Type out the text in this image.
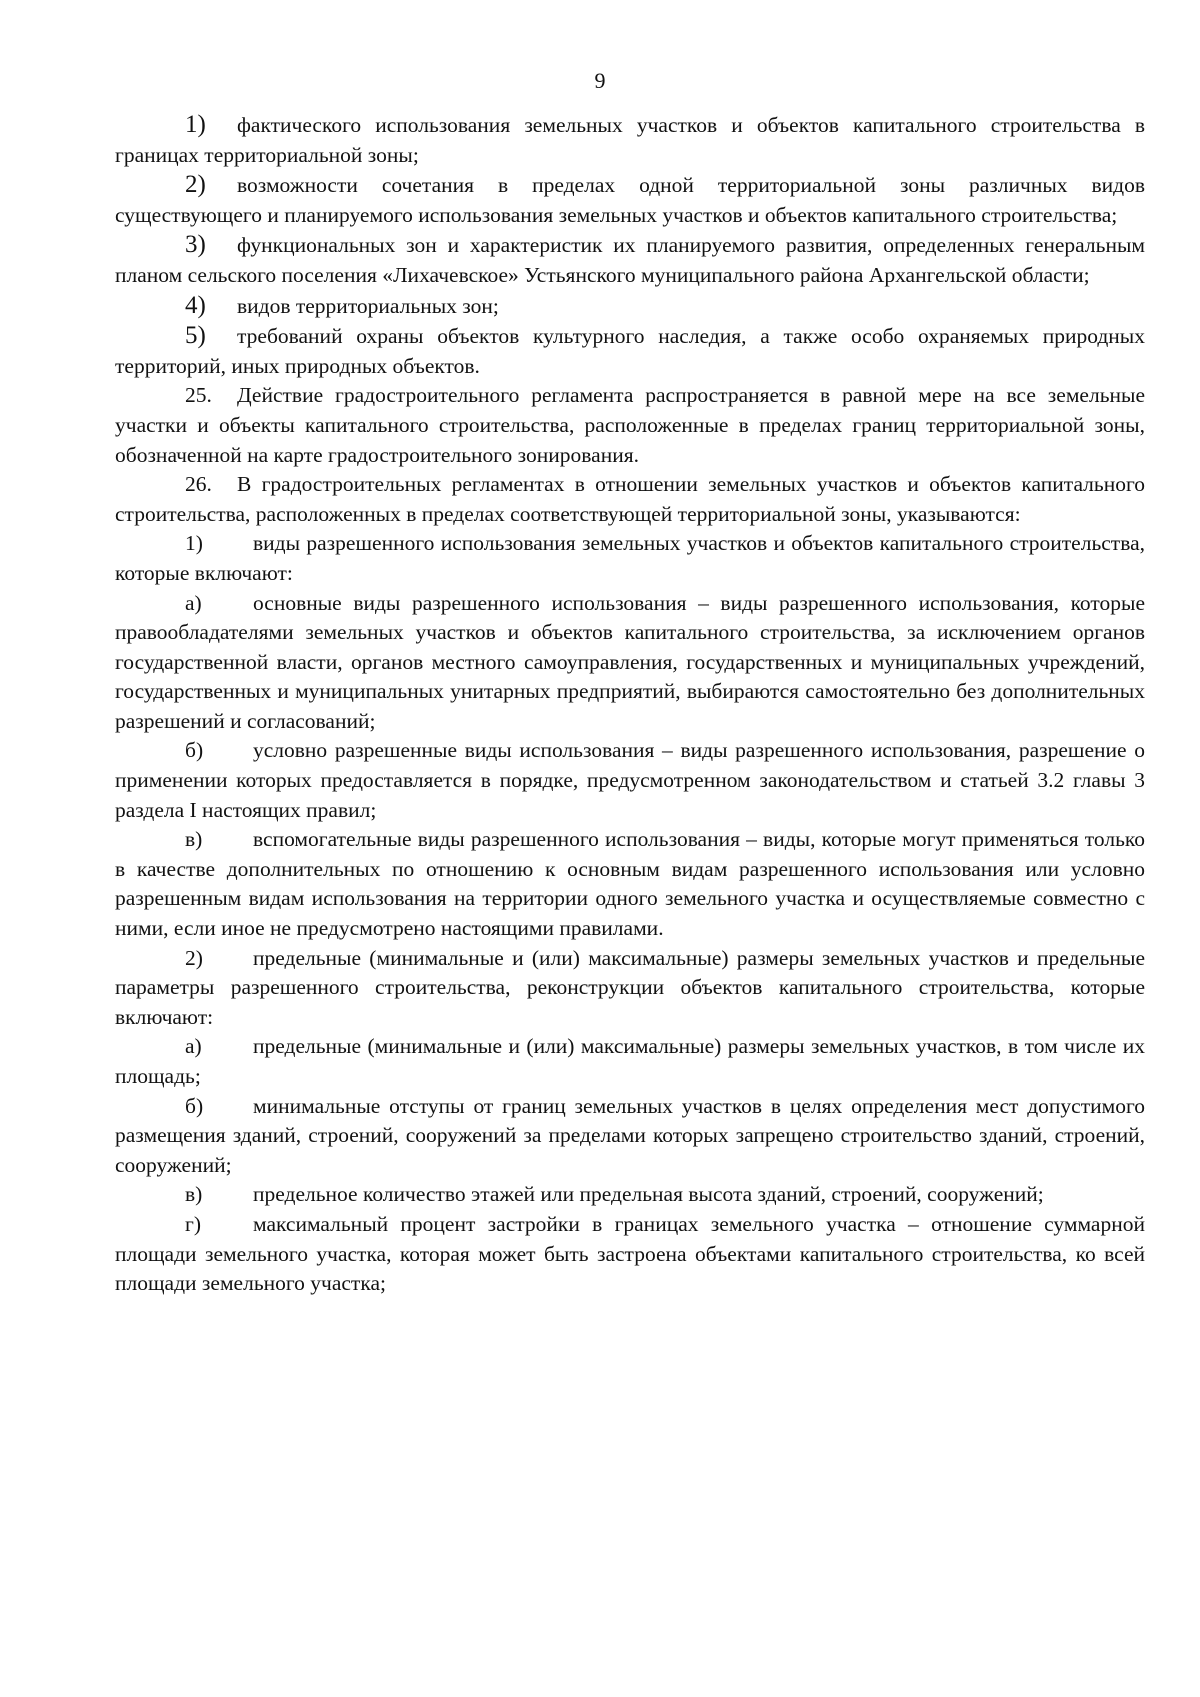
9

1) фактического использования земельных участков и объектов капитального строительства в границах территориальной зоны;

2) возможности сочетания в пределах одной территориальной зоны различных видов существующего и планируемого использования земельных участков и объектов капитального строительства;

3) функциональных зон и характеристик их планируемого развития, определенных генеральным планом сельского поселения «Лихачевское» Устьянского муниципального района Архангельской области;

4) видов территориальных зон;

5) требований охраны объектов культурного наследия, а также особо охраняемых природных территорий, иных природных объектов.

25. Действие градостроительного регламента распространяется в равной мере на все земельные участки и объекты капитального строительства, расположенные в пределах границ территориальной зоны, обозначенной на карте градостроительного зонирования.

26. В градостроительных регламентах в отношении земельных участков и объектов капитального строительства, расположенных в пределах соответствующей территориальной зоны, указываются:

1) виды разрешенного использования земельных участков и объектов капитального строительства, которые включают:

а) основные виды разрешенного использования – виды разрешенного использования, которые правообладателями земельных участков и объектов капитального строительства, за исключением органов государственной власти, органов местного самоуправления, государственных и муниципальных учреждений, государственных и муниципальных унитарных предприятий, выбираются самостоятельно без дополнительных разрешений и согласований;

б) условно разрешенные виды использования – виды разрешенного использования, разрешение о применении которых предоставляется в порядке, предусмотренном законодательством и статьей 3.2 главы 3 раздела I настоящих правил;

в) вспомогательные виды разрешенного использования – виды, которые могут применяться только в качестве дополнительных по отношению к основным видам разрешенного использования или условно разрешенным видам использования на территории одного земельного участка и осуществляемые совместно с ними, если иное не предусмотрено настоящими правилами.

2) предельные (минимальные и (или) максимальные) размеры земельных участков и предельные параметры разрешенного строительства, реконструкции объектов капитального строительства, которые включают:

а) предельные (минимальные и (или) максимальные) размеры земельных участков, в том числе их площадь;

б) минимальные отступы от границ земельных участков в целях определения мест допустимого размещения зданий, строений, сооружений за пределами которых запрещено строительство зданий, строений, сооружений;

в) предельное количество этажей или предельная высота зданий, строений, сооружений;

г) максимальный процент застройки в границах земельного участка – отношение суммарной площади земельного участка, которая может быть застроена объектами капитального строительства, ко всей площади земельного участка;
